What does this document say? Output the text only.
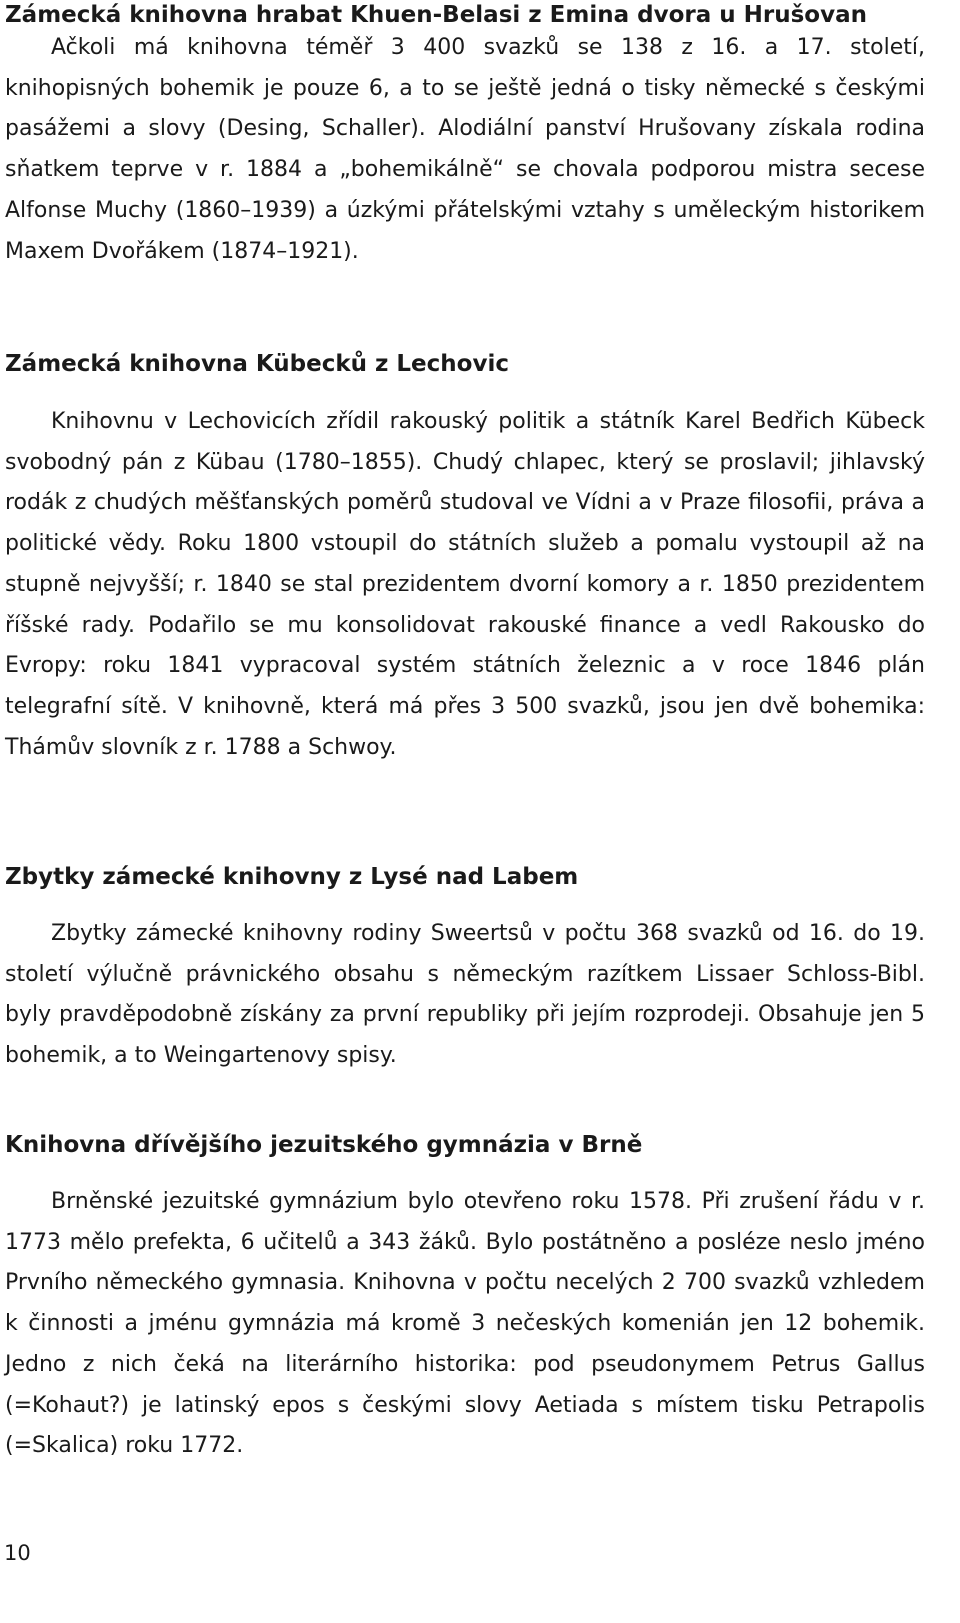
Zámecká knihovna hrabat Khuen-Belasi z Emina dvora u Hrušovan

Ačkoli má knihovna téměř 3 400 svazků se 138 z 16. a 17. století, knihopisných bohemik je pouze 6, a to se ještě jedná o tisky německé s českými pasážemi a slovy (Desing, Schaller). Alodiální panství Hrušovany získala rodina sňatkem teprve v r. 1884 a „bohemikálně“ se chovala podporou mistra secese Alfonse Muchy (1860–1939) a úzkými přátelskými vztahy s uměleckým historikem Maxem Dvořákem (1874–1921).

Zámecká knihovna Kübecků z Lechovic

Knihovnu v Lechovicích zřídil rakouský politik a státník Karel Bedřich Kübeck svobodný pán z Kübau (1780–1855). Chudý chlapec, který se proslavil; jihlavský rodák z chudých měšťanských poměrů studoval ve Vídni a v Praze filosofii, práva a politické vědy. Roku 1800 vstoupil do státních služeb a pomalu vystoupil až na stupně nejvyšší; r. 1840 se stal prezidentem dvorní komory a r. 1850 prezidentem říšské rady. Podařilo se mu konsolidovat rakouské finance a vedl Rakousko do Evropy: roku 1841 vypracoval systém státních železnic a v roce 1846 plán telegrafní sítě. V knihovně, která má přes 3 500 svazků, jsou jen dvě bohemika: Thámův slovník z r. 1788 a Schwoy.

Zbytky zámecké knihovny z Lysé nad Labem

Zbytky zámecké knihovny rodiny Sweertsů v počtu 368 svazků od 16. do 19. století výlučně právnického obsahu s německým razítkem Lissaer Schloss-Bibl. byly pravděpodobně získány za první republiky při jejím rozprodeji. Obsahuje jen 5 bohemik, a to Weingartenovy spisy.

Knihovna dřívějšího jezuitského gymnázia v Brně

Brněnské jezuitské gymnázium bylo otevřeno roku 1578. Při zrušení řádu v r. 1773 mělo prefekta, 6 učitelů a 343 žáků. Bylo postátněno a posléze neslo jméno Prvního německého gymnasia. Knihovna v počtu necelých 2 700 svazků vzhledem k činnosti a jménu gymnázia má kromě 3 nečeských komenián jen 12 bohemik. Jedno z nich čeká na literárního historika: pod pseudonymem Petrus Gallus (=Kohaut?) je latinský epos s českými slovy Aetiada s místem tisku Petrapolis (=Skalica) roku 1772.

10
